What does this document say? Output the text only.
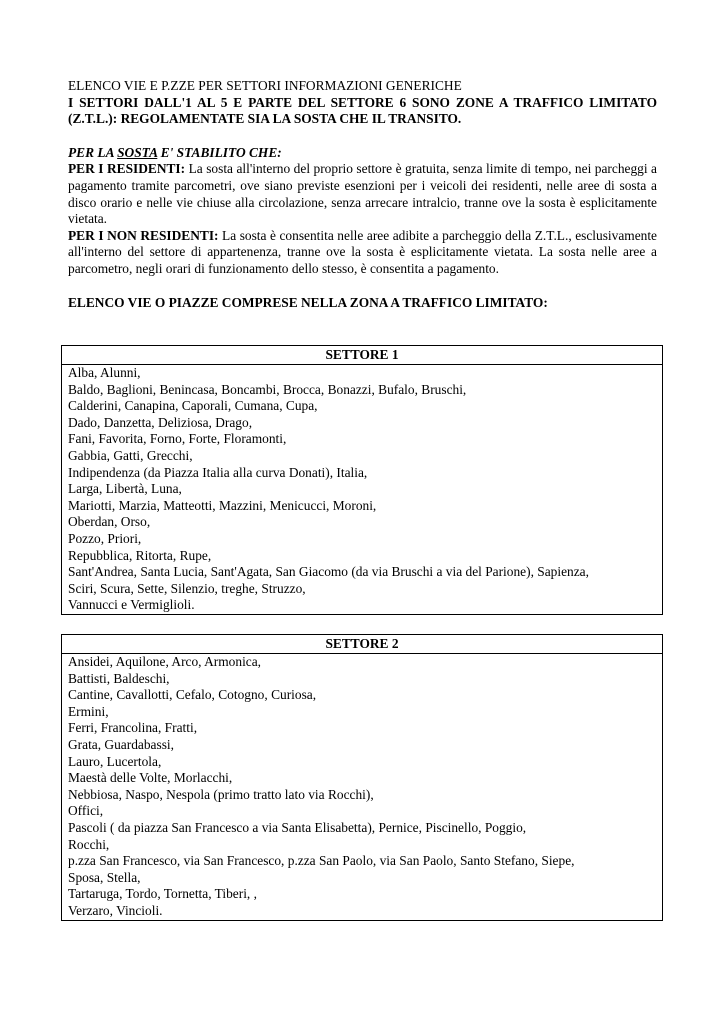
ELENCO VIE E P.ZZE PER SETTORI INFORMAZIONI GENERICHE
I SETTORI DALL'1 AL 5 E PARTE DEL SETTORE 6 SONO ZONE A TRAFFICO LIMITATO (Z.T.L.): REGOLAMENTATE SIA LA SOSTA CHE IL TRANSITO.
PER LA SOSTA E' STABILITO CHE:
PER I RESIDENTI: La sosta all'interno del proprio settore è gratuita, senza limite di tempo, nei parcheggi a pagamento tramite parcometri, ove siano previste esenzioni per i veicoli dei residenti, nelle aree di sosta a disco orario e nelle vie chiuse alla circolazione, senza arrecare intralcio, tranne ove la sosta è esplicitamente vietata.
PER I NON RESIDENTI: La sosta è consentita nelle aree adibite a parcheggio della Z.T.L., esclusivamente all'interno del settore di appartenenza, tranne ove la sosta è esplicitamente vietata. La sosta nelle aree a parcometro, negli orari di funzionamento dello stesso, è consentita a pagamento.
ELENCO VIE O PIAZZE COMPRESE NELLA ZONA A TRAFFICO LIMITATO:
SETTORE 1
Alba, Alunni,
Baldo, Baglioni, Benincasa, Boncambi, Brocca, Bonazzi, Bufalo, Bruschi,
Calderini, Canapina, Caporali, Cumana, Cupa,
Dado, Danzetta, Deliziosa, Drago,
Fani, Favorita, Forno, Forte, Floramonti,
Gabbia, Gatti, Grecchi,
Indipendenza (da Piazza Italia alla curva Donati), Italia,
Larga, Libertà, Luna,
Mariotti, Marzia, Matteotti, Mazzini, Menicucci, Moroni,
Oberdan, Orso,
Pozzo, Priori,
Repubblica, Ritorta, Rupe,
Sant'Andrea, Santa Lucia, Sant'Agata, San Giacomo (da via Bruschi a via del Parione), Sapienza,
Sciri, Scura, Sette, Silenzio, treghe, Struzzo,
Vannucci e Vermiglioli.
SETTORE 2
Ansidei, Aquilone, Arco, Armonica,
Battisti, Baldeschi,
Cantine, Cavallotti, Cefalo, Cotogno, Curiosa,
Ermini,
Ferri, Francolina, Fratti,
Grata, Guardabassi,
Lauro, Lucertola,
Maestà delle Volte, Morlacchi,
Nebbiosa, Naspo, Nespola (primo tratto lato via Rocchi),
Offici,
Pascoli ( da piazza San Francesco a via Santa Elisabetta), Pernice, Piscinello, Poggio,
Rocchi,
p.zza San Francesco, via San Francesco, p.zza San Paolo, via San Paolo, Santo Stefano, Siepe,
Sposa, Stella,
Tartaruga, Tordo, Tornetta, Tiberi, ,
Verzaro, Vincioli.
